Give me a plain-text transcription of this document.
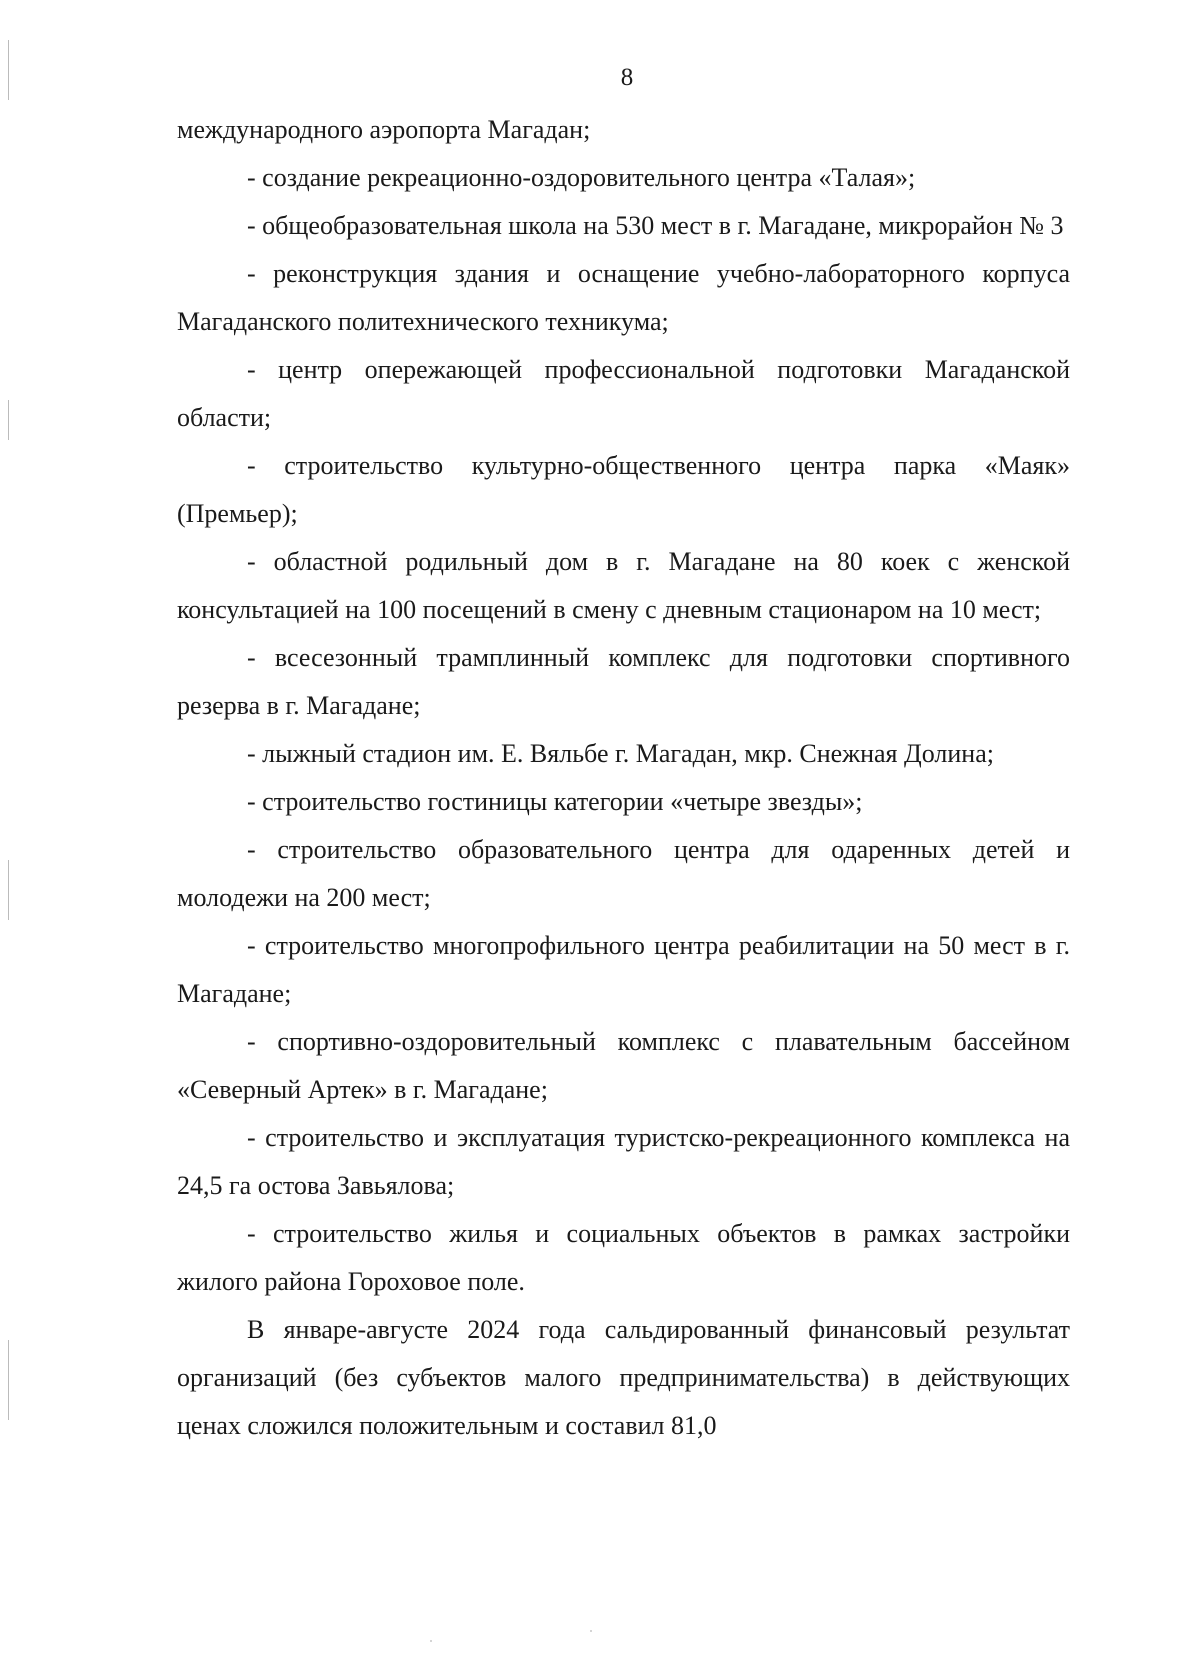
8

международного аэропорта Магадан;

- создание рекреационно-оздоровительного центра «Талая»;

- общеобразовательная школа на 530 мест в г. Магадане, микрорайон № 3

- реконструкция здания и оснащение учебно-лабораторного корпуса Магаданского политехнического техникума;

- центр опережающей профессиональной подготовки Магаданской области;

- строительство культурно-общественного центра парка «Маяк» (Премьер);

- областной родильный дом в г. Магадане на 80 коек с женской консультацией на 100 посещений в смену с дневным стационаром на 10 мест;

- всесезонный трамплинный комплекс для подготовки спортивного резерва в г. Магадане;

- лыжный стадион им. Е. Вяльбе г. Магадан, мкр. Снежная Долина;

- строительство гостиницы категории «четыре звезды»;

- строительство образовательного центра для одаренных детей и молодежи на 200 мест;

- строительство многопрофильного центра реабилитации на 50 мест в г. Магадане;

- спортивно-оздоровительный комплекс с плавательным бассейном «Северный Артек» в г. Магадане;

- строительство и эксплуатация туристско-рекреационного комплекса на 24,5 га остова Завьялова;

- строительство жилья и социальных объектов в рамках застройки жилого района Гороховое поле.

В январе-августе 2024 года сальдированный финансовый результат организаций (без субъектов малого предпринимательства) в действующих ценах сложился положительным и составил 81,0
